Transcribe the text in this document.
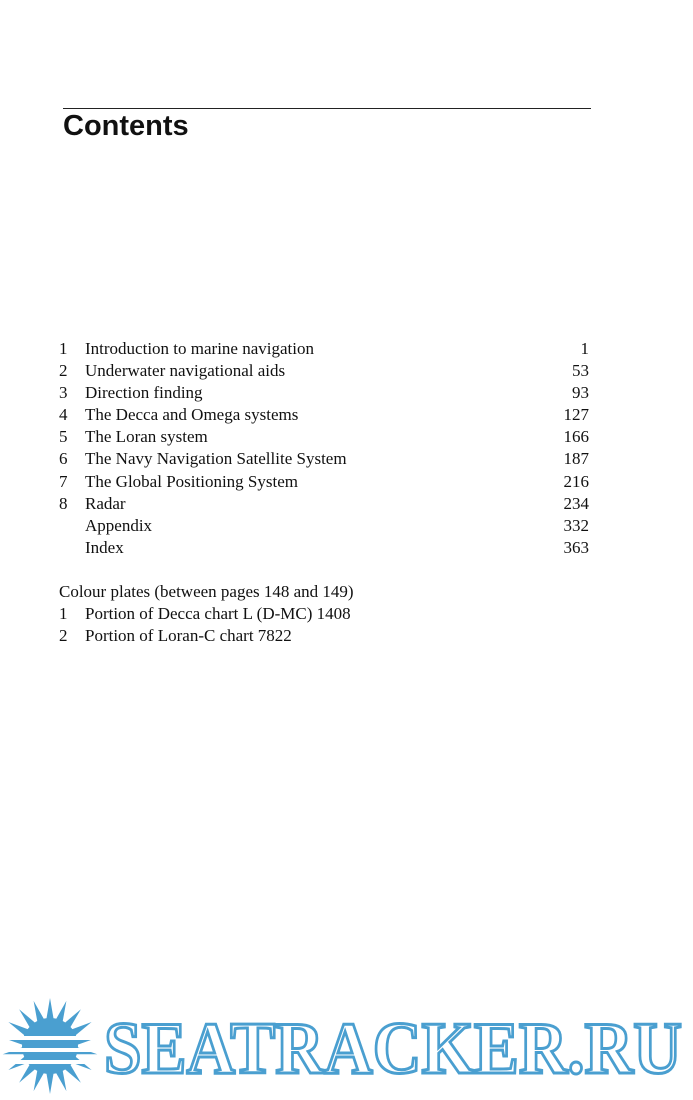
Contents
1	Introduction to marine navigation	1
2	Underwater navigational aids	53
3	Direction finding	93
4	The Decca and Omega systems	127
5	The Loran system	166
6	The Navy Navigation Satellite System	187
7	The Global Positioning System	216
8	Radar	234
Appendix	332
Index	363
Colour plates (between pages 148 and 149)
1	Portion of Decca chart L (D-MC) 1408
2	Portion of Loran-C chart 7822
SEATRACKER.RU
